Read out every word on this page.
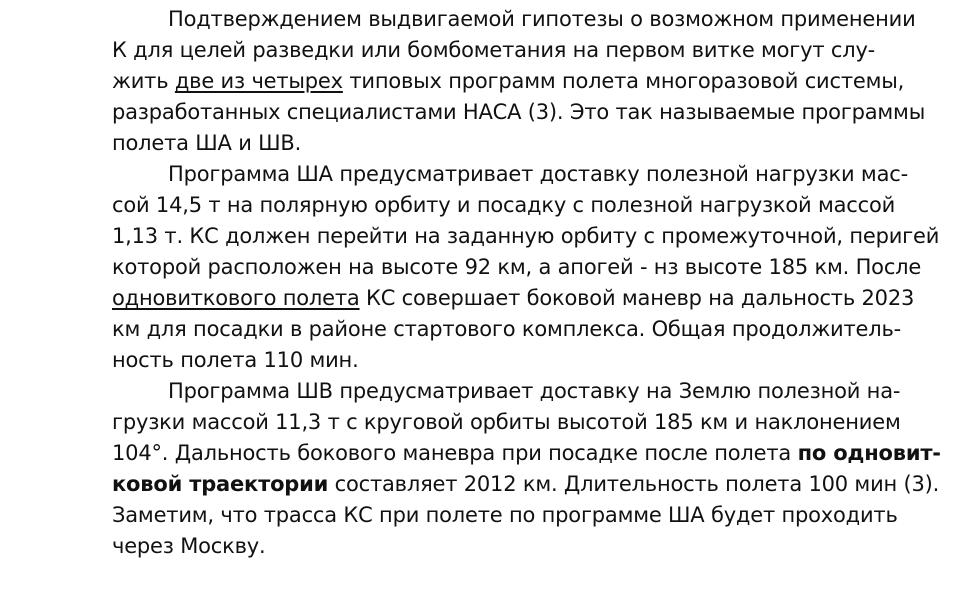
Подтверждением выдвигаемой гипотезы о возможном применении
К для целей разведки или бомбометания на первом витке могут слу-
жить две из четырех типовых программ полета многоразовой системы,
разработанных специалистами НАСА (3). Это так называемые программы
полета ША и ШВ.
Программа ША предусматривает доставку полезной нагрузки мас-
сой 14,5 т на полярную орбиту и посадку с полезной нагрузкой массой
1,13 т. КС должен перейти на заданную орбиту с промежуточной, перигей
которой расположен на высоте 92 км, а апогей - нз высоте 185 км. После
одновиткового полета КС совершает боковой маневр на дальность 2023
км для посадки в районе стартового комплекса. Общая продолжитель-
ность полета 110 мин.
Программа ШВ предусматривает доставку на Землю полезной на-
грузки массой 11,3 т с круговой орбиты высотой 185 км и наклонением
104°. Дальность бокового маневра при посадке после полета по одновит-
ковой траектории составляет 2012 км. Длительность полета 100 мин (3).
Заметим, что трасса КС при полете по программе ША будет проходить
через Москву.
